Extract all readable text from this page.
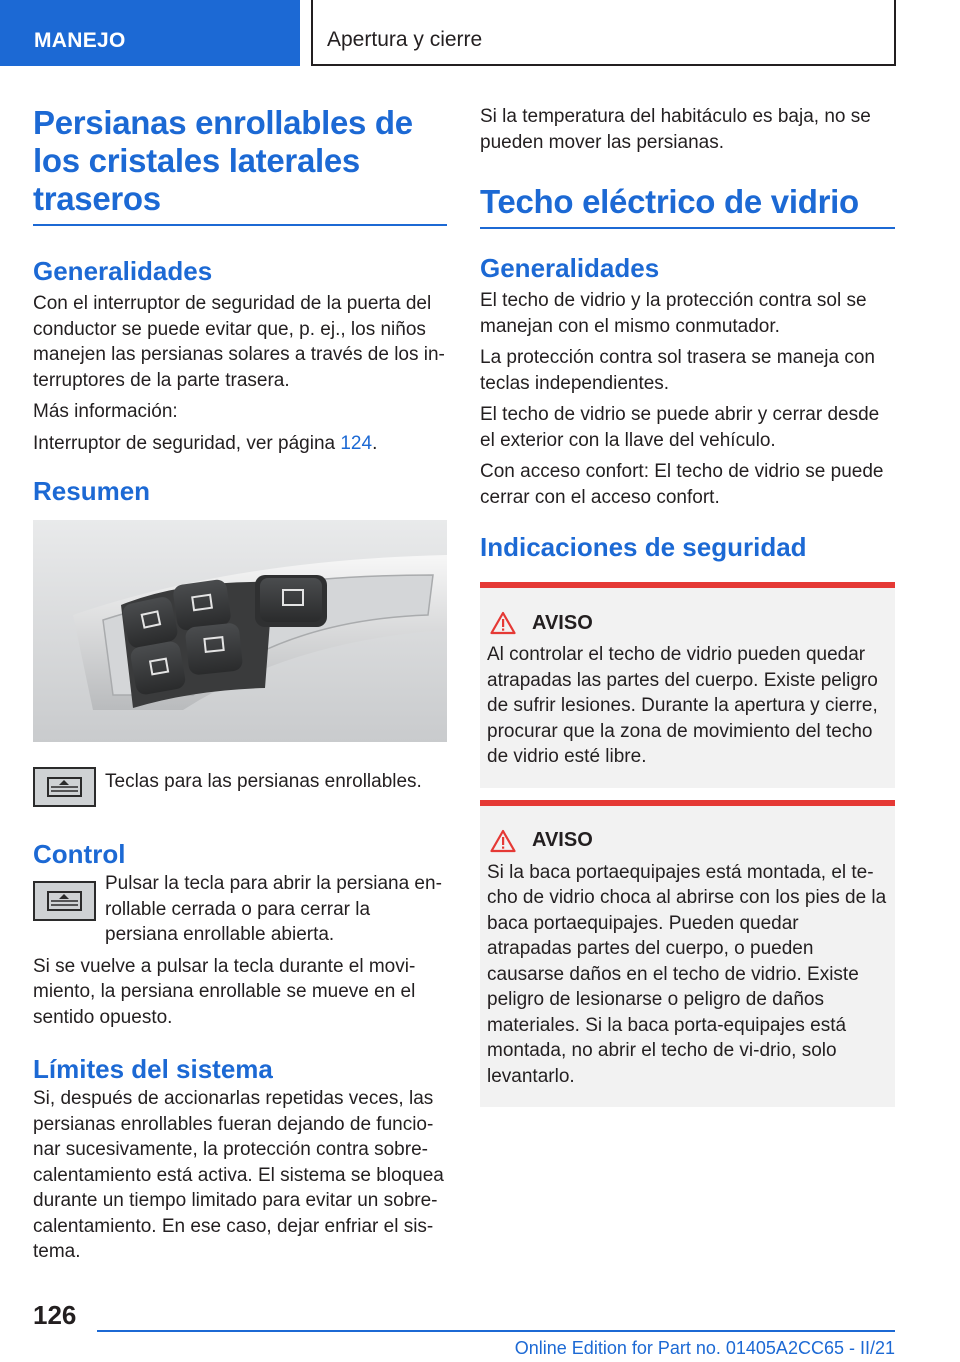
MANEJO	Apertura y cierre
Persianas enrollables de los cristales laterales traseros
Generalidades

Con el interruptor de seguridad de la puerta del conductor se puede evitar que, p. ej., los niños manejen las persianas solares a través de los in-terruptores de la parte trasera.

Más información:

Interruptor de seguridad, ver página 124.

Resumen

Teclas para las persianas enrollables.

Control

Pulsar la tecla para abrir la persiana en-rollable cerrada o para cerrar la persiana enrollable abierta.

Si se vuelve a pulsar la tecla durante el movi-miento, la persiana enrollable se mueve en el sentido opuesto.

Límites del sistema

Si, después de accionarlas repetidas veces, las persianas enrollables fueran dejando de funcio-nar sucesivamente, la protección contra sobre-calentamiento está activa. El sistema se bloquea durante un tiempo limitado para evitar un sobre-calentamiento. En ese caso, dejar enfriar el sis-tema.

Si la temperatura del habitáculo es baja, no se pueden mover las persianas.

Techo eléctrico de vidrio
Generalidades

El techo de vidrio y la protección contra sol se manejan con el mismo conmutador.

La protección contra sol trasera se maneja con teclas independientes.

El techo de vidrio se puede abrir y cerrar desde el exterior con la llave del vehículo.

Con acceso confort: El techo de vidrio se puede cerrar con el acceso confort.

Indicaciones de seguridad
AVISO

Al controlar el techo de vidrio pueden quedar atrapadas las partes del cuerpo. Existe peligro de sufrir lesiones. Durante la apertura y cierre, procurar que la zona de movimiento del techo de vidrio esté libre.

AVISO

Si la baca portaequipajes está montada, el te-cho de vidrio choca al abrirse con los pies de la baca portaequipajes. Pueden quedar atrapadas partes del cuerpo, o pueden causarse daños en el techo de vidrio. Existe peligro de lesionarse o peligro de daños materiales. Si la baca porta-equipajes está montada, no abrir el techo de vi-drio, solo levantarlo.

126
Online Edition for Part no. 01405A2CC65 - II/21
